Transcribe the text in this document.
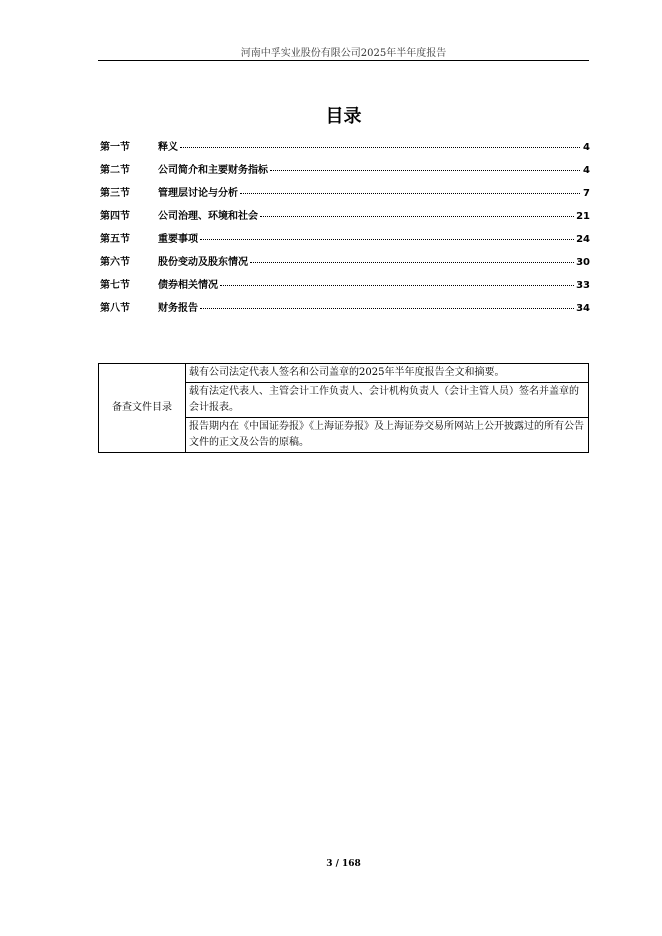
河南中孚实业股份有限公司2025年半年度报告
目录
第一节	释义	4
第二节	公司简介和主要财务指标	4
第三节	管理层讨论与分析	7
第四节	公司治理、环境和社会	21
第五节	重要事项	24
第六节	股份变动及股东情况	30
第七节	债券相关情况	33
第八节	财务报告	34
备查文件目录	载有公司法定代表人签名和公司盖章的2025年半年度报告全文和摘要。
载有法定代表人、主管会计工作负责人、会计机构负责人（会计主管人员）签名并盖章的会计报表。
报告期内在《中国证券报》《上海证券报》及上海证券交易所网站上公开披露过的所有公告文件的正文及公告的原稿。
3 / 168
